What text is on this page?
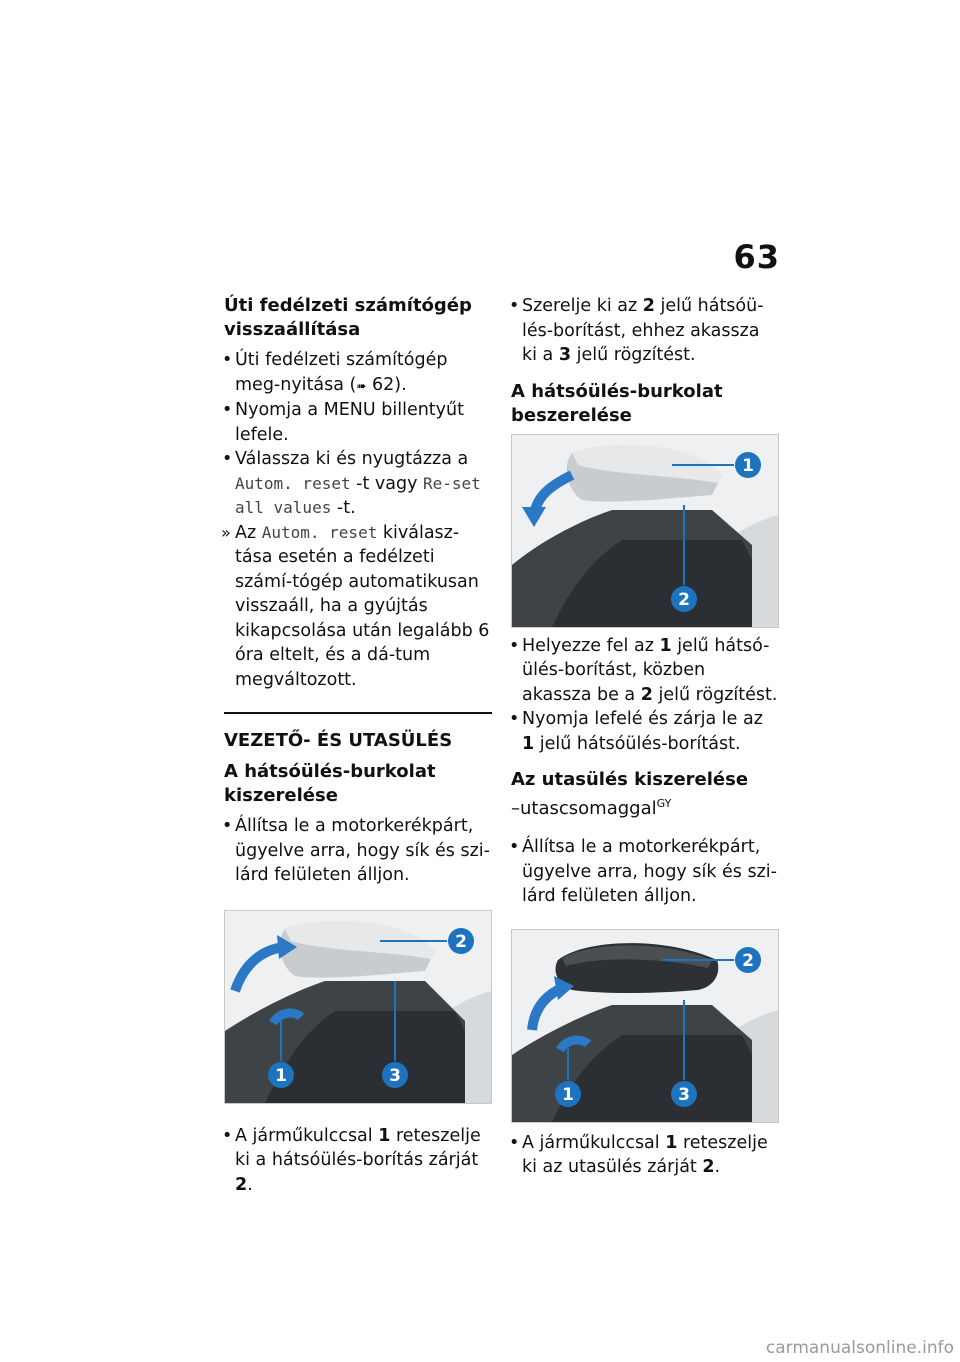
63

Úti fedélzeti számítógép visszaállítása

• Úti fedélzeti számítógép meg-nyitása (➠ 62).

• Nyomja a MENU billentyűt lefele.

• Válassza ki és nyugtázza a Autom. reset -t vagy Re-set all values -t.

» Az Autom. reset kiválasz-tása esetén a fedélzeti számí-tógép automatikusan visszaáll, ha a gyújtás kikapcsolása után legalább 6 óra eltelt, és a dá-tum megváltozott.

VEZETŐ- ÉS UTASÜLÉS

A hátsóülés-burkolat kiszerelése

• Állítsa le a motorkerékpárt, ügyelve arra, hogy sík és szi-lárd felületen álljon.

1
2
3

• A járműkulccsal 1 reteszelje ki a hátsóülés-borítás zárját 2.

• Szerelje ki az 2 jelű hátsóü-lés-borítást, ehhez akassza ki a 3 jelű rögzítést.

A hátsóülés-burkolat beszerelése

1
2

• Helyezze fel az 1 jelű hátsó-ülés-borítást, közben akassza be a 2 jelű rögzítést.

• Nyomja lefelé és zárja le az 1 jelű hátsóülés-borítást.

Az utasülés kiszerelése

–utascsomaggal$^{GY}$

• Állítsa le a motorkerékpárt, ügyelve arra, hogy sík és szi-lárd felületen álljon.

2
1	3

• A járműkulccsal 1 reteszelje ki az utasülés zárját 2.

carmanualsonline.info
